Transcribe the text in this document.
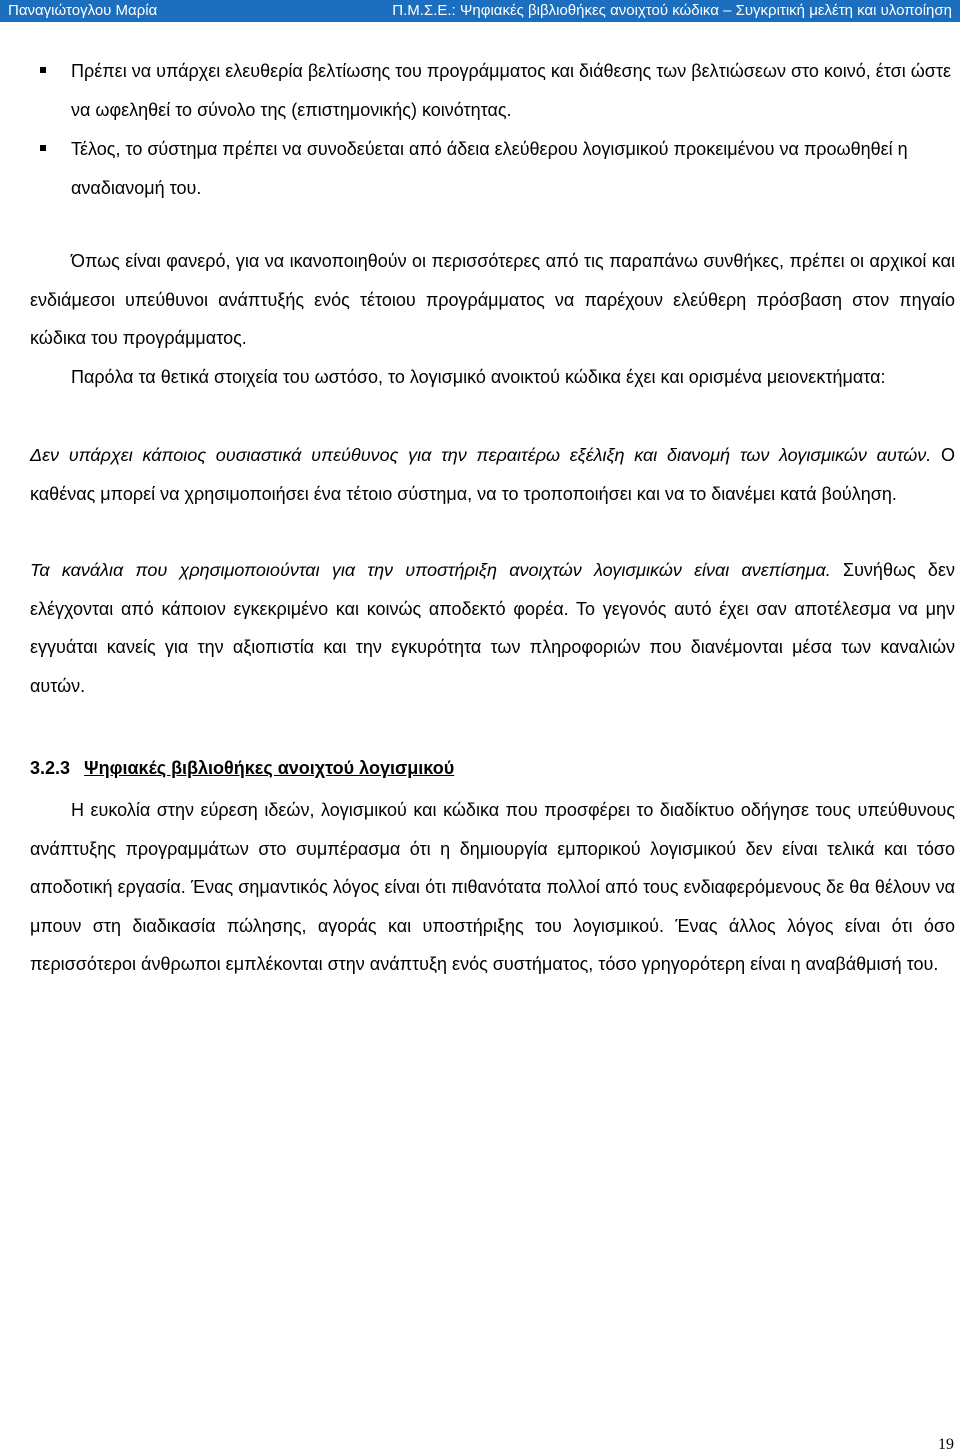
Παναγιώτογλου Μαρία	Π.Μ.Σ.Ε.: Ψηφιακές βιβλιοθήκες ανοιχτού κώδικα – Συγκριτική μελέτη και υλοποίηση
Πρέπει να υπάρχει ελευθερία βελτίωσης του προγράμματος και διάθεσης των βελτιώσεων στο κοινό, έτσι ώστε να ωφεληθεί το σύνολο της (επιστημονικής) κοινότητας.
Τέλος, το σύστημα πρέπει να συνοδεύεται από άδεια ελεύθερου λογισμικού προκειμένου να προωθηθεί η αναδιανομή του.

Όπως είναι φανερό, για να ικανοποιηθούν οι περισσότερες από τις παραπάνω συνθήκες, πρέπει οι αρχικοί και ενδιάμεσοι υπεύθυνοι ανάπτυξής ενός τέτοιου προγράμματος να παρέχουν ελεύθερη πρόσβαση στον πηγαίο κώδικα του προγράμματος.

Παρόλα τα θετικά στοιχεία του ωστόσο, το λογισμικό ανοικτού κώδικα έχει και ορισμένα μειονεκτήματα:

Δεν υπάρχει κάποιος ουσιαστικά υπεύθυνος για την περαιτέρω εξέλιξη και διανομή των λογισμικών αυτών. Ο καθένας μπορεί να χρησιμοποιήσει ένα τέτοιο σύστημα, να το τροποποιήσει και να το διανέμει κατά βούληση.

Τα κανάλια που χρησιμοποιούνται για την υποστήριξη ανοιχτών λογισμικών είναι ανεπίσημα. Συνήθως δεν ελέγχονται από κάποιον εγκεκριμένο και κοινώς αποδεκτό φορέα. Το γεγονός αυτό έχει σαν αποτέλεσμα να μην εγγυάται κανείς για την αξιοπιστία και την εγκυρότητα των πληροφοριών που διανέμονται μέσα των καναλιών αυτών.

3.2.3 Ψηφιακές βιβλιοθήκες ανοιχτού λογισμικού

Η ευκολία στην εύρεση ιδεών, λογισμικού και κώδικα που προσφέρει το διαδίκτυο οδήγησε τους υπεύθυνους ανάπτυξης προγραμμάτων στο συμπέρασμα ότι η δημιουργία εμπορικού λογισμικού δεν είναι τελικά και τόσο αποδοτική εργασία. Ένας σημαντικός λόγος είναι ότι πιθανότατα πολλοί από τους ενδιαφερόμενους δε θα θέλουν να μπουν στη διαδικασία πώλησης, αγοράς και υποστήριξης του λογισμικού. Ένας άλλος λόγος είναι ότι όσο περισσότεροι άνθρωποι εμπλέκονται στην ανάπτυξη ενός συστήματος, τόσο γρηγορότερη είναι η αναβάθμισή του.

19
